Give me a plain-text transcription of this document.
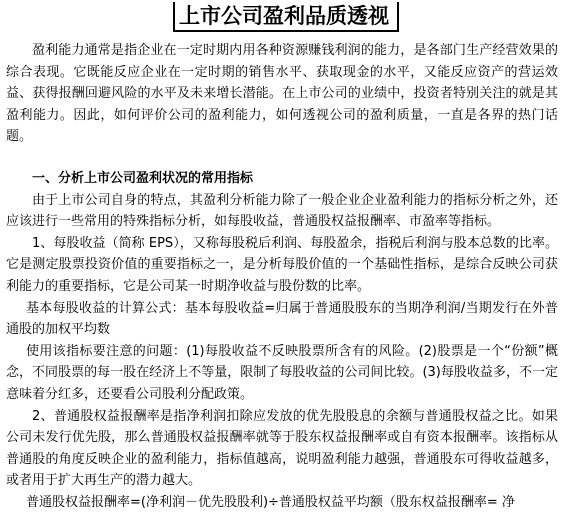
上市公司盈利品质透视

盈利能力通常是指企业在一定时期内用各种资源赚钱利润的能力，是各部门生产经营效果的综合表现。它既能反应企业在一定时期的销售水平、获取现金的水平，又能反应资产的营运效益、获得报酬回避风险的水平及未来增长潜能。在上市公司的业绩中，投资者特别关注的就是其盈利能力。因此，如何评价公司的盈利能力，如何透视公司的盈利质量，一直是各界的热门话题。

一、分析上市公司盈利状况的常用指标

由于上市公司自身的特点，其盈利分析能力除了一般企业企业盈利能力的指标分析之外，还应该进行一些常用的特殊指标分析，如每股收益，普通股权益报酬率、市盈率等指标。

1、每股收益（简称 EPS），又称每股税后利润、每股盈余，指税后利润与股本总数的比率。它是测定股票投资价值的重要指标之一，是分析每股价值的一个基础性指标，是综合反映公司获利能力的重要指标，它是公司某一时期净收益与股份数的比率。

基本每股收益的计算公式：基本每股收益=归属于普通股股东的当期净利润/当期发行在外普通股的加权平均数

使用该指标要注意的问题：(1)每股收益不反映股票所含有的风险。(2)股票是一个“份额”概念，不同股票的每一股在经济上不等量，限制了每股收益的公司间比较。(3)每股收益多，不一定意味着分红多，还要看公司股利分配政策。

2、普通股权益报酬率是指净利润扣除应发放的优先股股息的余额与普通股权益之比。如果公司未发行优先股，那么普通股权益报酬率就等于股东权益报酬率或自有资本报酬率。该指标从普通股的角度反映企业的盈利能力，指标值越高，说明盈利能力越强，普通股东可得收益越多，或者用于扩大再生产的潜力越大。

普通股权益报酬率=(净利润－优先股股利)÷普通股权益平均额（股东权益报酬率= 净
